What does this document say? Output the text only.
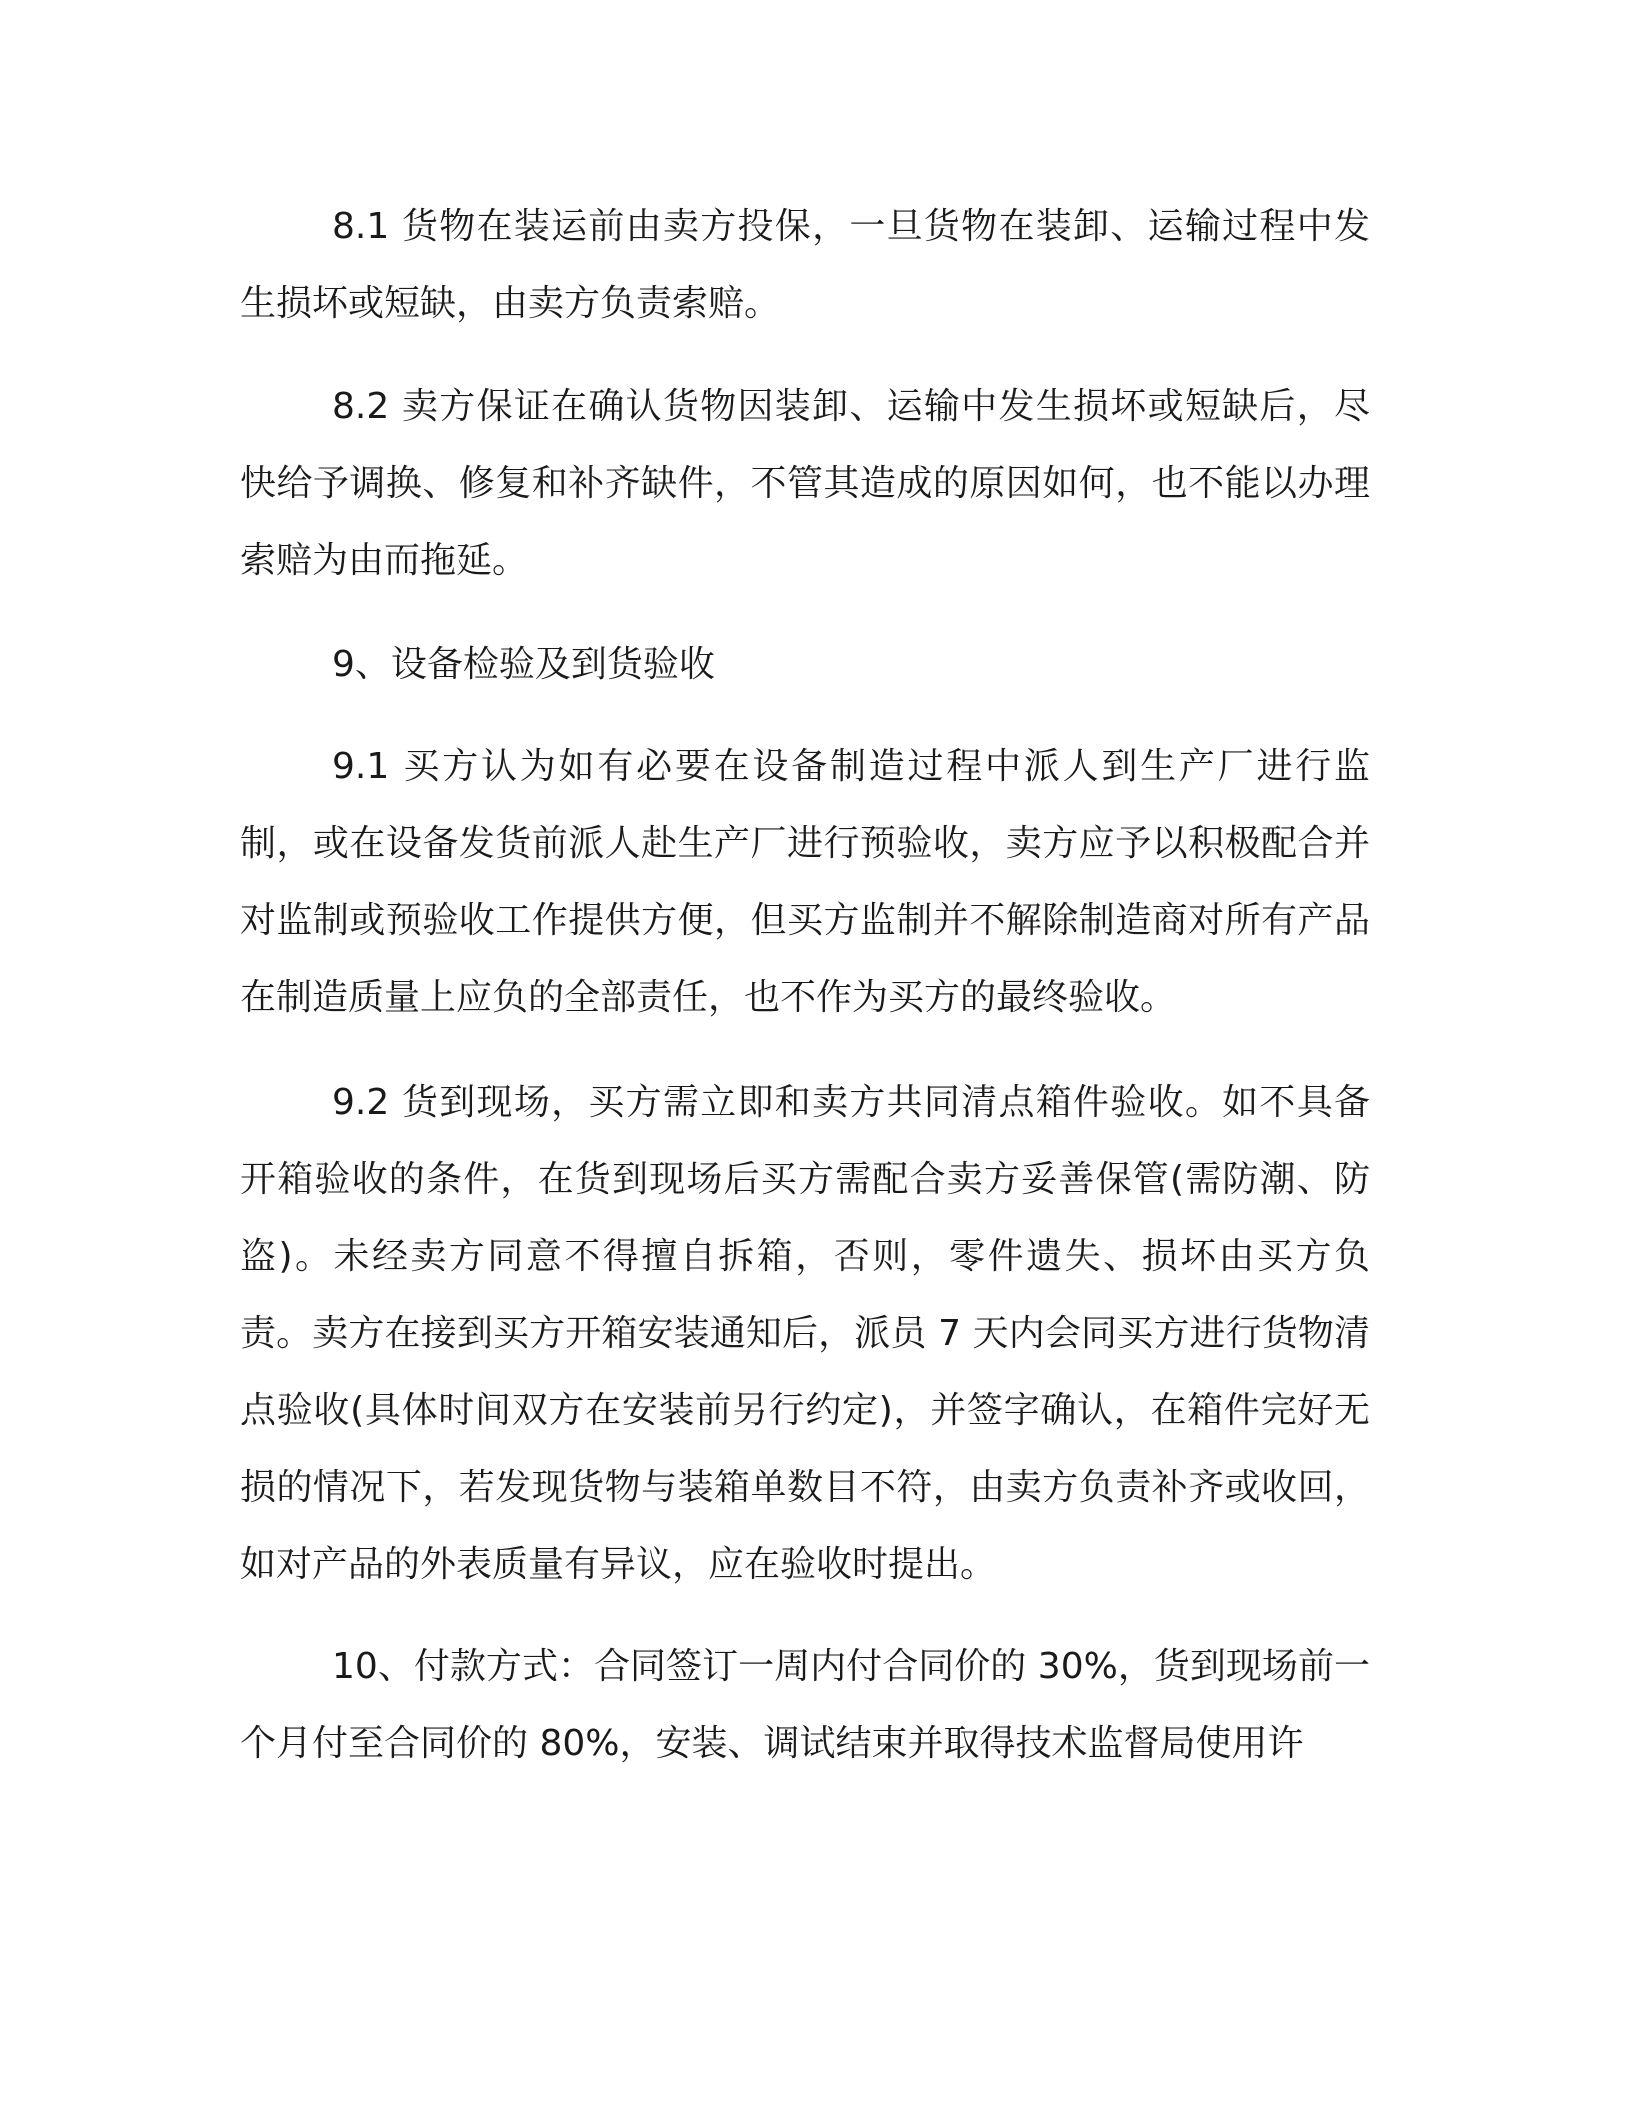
8.1 货物在装运前由卖方投保，一旦货物在装卸、运输过程中发生损坏或短缺，由卖方负责索赔。

8.2 卖方保证在确认货物因装卸、运输中发生损坏或短缺后，尽快给予调换、修复和补齐缺件，不管其造成的原因如何，也不能以办理索赔为由而拖延。

9、设备检验及到货验收

9.1 买方认为如有必要在设备制造过程中派人到生产厂进行监制，或在设备发货前派人赴生产厂进行预验收，卖方应予以积极配合并对监制或预验收工作提供方便，但买方监制并不解除制造商对所有产品在制造质量上应负的全部责任，也不作为买方的最终验收。

9.2 货到现场，买方需立即和卖方共同清点箱件验收。如不具备开箱验收的条件，在货到现场后买方需配合卖方妥善保管(需防潮、防盗)。未经卖方同意不得擅自拆箱，否则，零件遗失、损坏由买方负责。卖方在接到买方开箱安装通知后，派员 7 天内会同买方进行货物清点验收(具体时间双方在安装前另行约定)，并签字确认，在箱件完好无损的情况下，若发现货物与装箱单数目不符，由卖方负责补齐或收回，如对产品的外表质量有异议，应在验收时提出。

10、付款方式：合同签订一周内付合同价的 30%，货到现场前一个月付至合同价的 80%，安装、调试结束并取得技术监督局使用许
